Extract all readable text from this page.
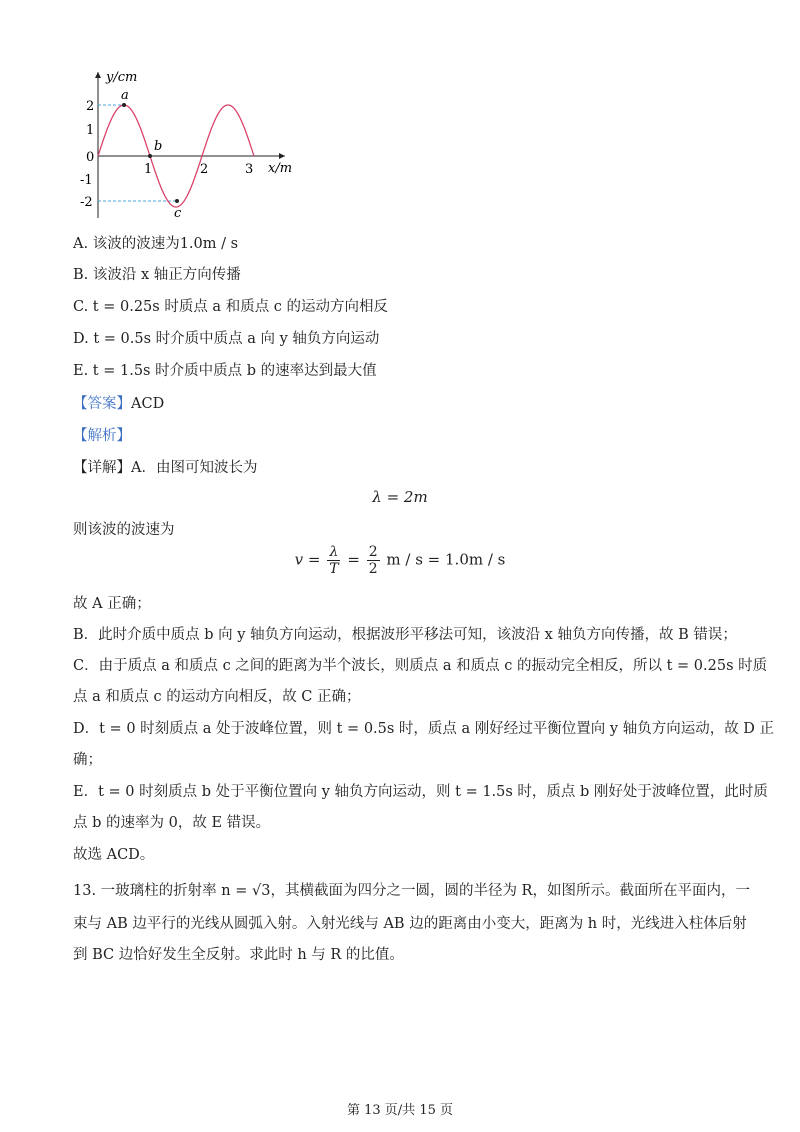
y/cm
x/m
2
1
0
-1
-2
1	2	3
a
b
c
A. 该波的波速为1.0m / s
B. 该波沿 x 轴正方向传播
C. t = 0.25s 时质点 a 和质点 c 的运动方向相反
D. t = 0.5s 时介质中质点 a 向 y 轴负方向运动
E. t = 1.5s 时介质中质点 b 的速率达到最大值
【答案】ACD
【解析】
【详解】A．由图可知波长为
λ = 2m
则该波的波速为
$v = \frac{\lambda}{T} = \frac{2}{2}$ m / s = 1.0m / s
故 A 正确；
B．此时介质中质点 b 向 y 轴负方向运动，根据波形平移法可知，该波沿 x 轴负方向传播，故 B 错误；
C．由于质点 a 和质点 c 之间的距离为半个波长，则质点 a 和质点 c 的振动完全相反，所以 t = 0.25s 时质
点 a 和质点 c 的运动方向相反，故 C 正确；
D．t = 0 时刻质点 a 处于波峰位置，则 t = 0.5s 时，质点 a 刚好经过平衡位置向 y 轴负方向运动，故 D 正
确；
E．t = 0 时刻质点 b 处于平衡位置向 y 轴负方向运动，则 t = 1.5s 时，质点 b 刚好处于波峰位置，此时质
点 b 的速率为 0，故 E 错误。
故选 ACD。
13. 一玻璃柱的折射率 n = √3，其横截面为四分之一圆，圆的半径为 R，如图所示。截面所在平面内，一
束与 AB 边平行的光线从圆弧入射。入射光线与 AB 边的距离由小变大，距离为 h 时，光线进入柱体后射
到 BC 边恰好发生全反射。求此时 h 与 R 的比值。
第 13 页/共 15 页
